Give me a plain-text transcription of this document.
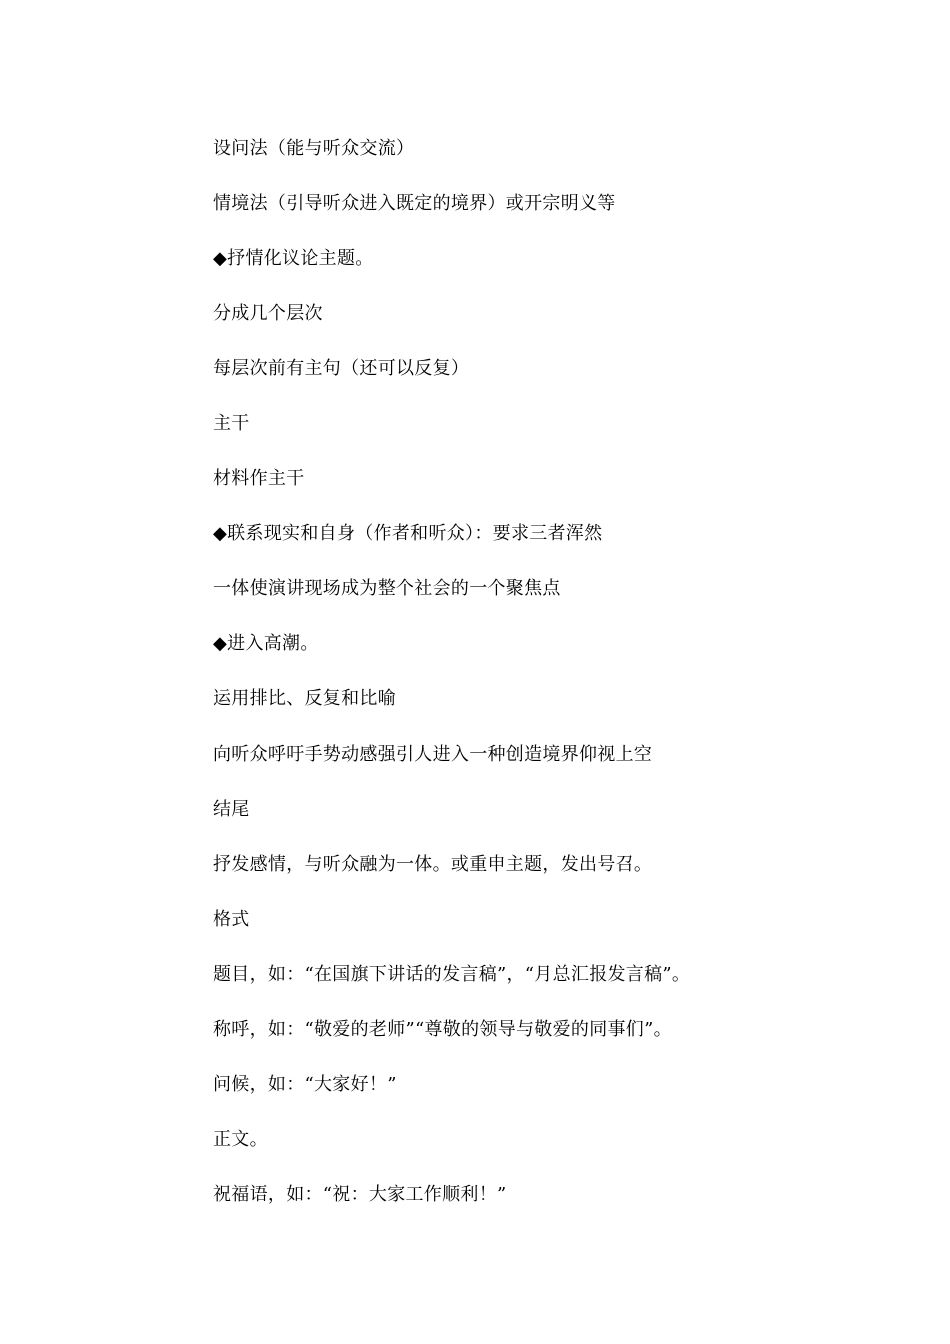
设问法（能与听众交流）
情境法（引导听众进入既定的境界）或开宗明义等
◆抒情化议论主题。
分成几个层次
每层次前有主句（还可以反复）
主干
材料作主干
◆联系现实和自身（作者和听众）：要求三者浑然
一体使演讲现场成为整个社会的一个聚焦点
◆进入高潮。
运用排比、反复和比喻
向听众呼吁手势动感强引人进入一种创造境界仰视上空
结尾
抒发感情，与听众融为一体。或重申主题，发出号召。
格式
题目，如：“在国旗下讲话的发言稿”，“月总汇报发言稿”。
称呼，如：“敬爱的老师”“尊敬的领导与敬爱的同事们”。
问候，如：“大家好！”
正文。
祝福语，如：“祝：大家工作顺利！”
